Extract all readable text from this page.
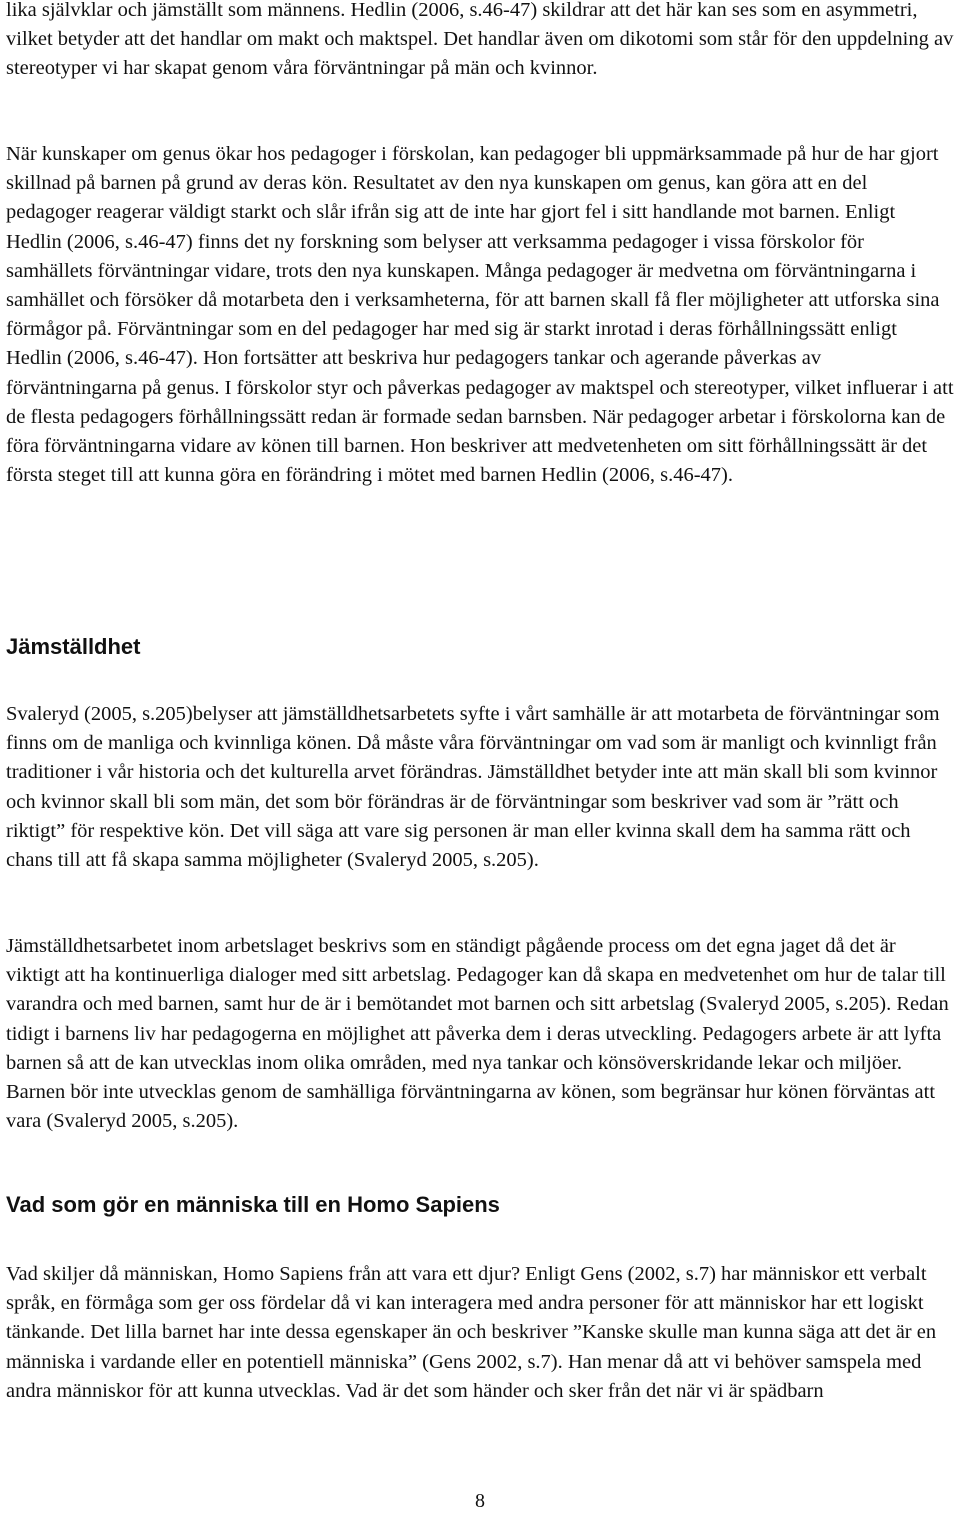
lika självklar och jämställt som männens. Hedlin (2006, s.46-47) skildrar att det här kan ses som en asymmetri, vilket betyder att det handlar om makt och maktspel. Det handlar även om dikotomi som står för den uppdelning av stereotyper vi har skapat genom våra förväntningar på män och kvinnor.

När kunskaper om genus ökar hos pedagoger i förskolan, kan pedagoger bli uppmärksammade på hur de har gjort skillnad på barnen på grund av deras kön. Resultatet av den nya kunskapen om genus, kan göra att en del pedagoger reagerar väldigt starkt och slår ifrån sig att de inte har gjort fel i sitt handlande mot barnen. Enligt Hedlin (2006, s.46-47) finns det ny forskning som belyser att verksamma pedagoger i vissa förskolor för samhällets förväntningar vidare, trots den nya kunskapen. Många pedagoger är medvetna om förväntningarna i samhället och försöker då motarbeta den i verksamheterna, för att barnen skall få fler möjligheter att utforska sina förmågor på. Förväntningar som en del pedagoger har med sig är starkt inrotad i deras förhållningssätt enligt Hedlin (2006, s.46-47). Hon fortsätter att beskriva hur pedagogers tankar och agerande påverkas av förväntningarna på genus. I förskolor styr och påverkas pedagoger av maktspel och stereotyper, vilket influerar i att de flesta pedagogers förhållningssätt redan är formade sedan barnsben. När pedagoger arbetar i förskolorna kan de föra förväntningarna vidare av könen till barnen. Hon beskriver att medvetenheten om sitt förhållningssätt är det första steget till att kunna göra en förändring i mötet med barnen Hedlin (2006, s.46-47).

Jämställdhet

Svaleryd (2005, s.205)belyser att jämställdhetsarbetets syfte i vårt samhälle är att motarbeta de förväntningar som finns om de manliga och kvinnliga könen. Då måste våra förväntningar om vad som är manligt och kvinnligt från traditioner i vår historia och det kulturella arvet förändras. Jämställdhet betyder inte att män skall bli som kvinnor och kvinnor skall bli som män, det som bör förändras är de förväntningar som beskriver vad som är ”rätt och riktigt” för respektive kön. Det vill säga att vare sig personen är man eller kvinna skall dem ha samma rätt och chans till att få skapa samma möjligheter (Svaleryd 2005, s.205).

Jämställdhetsarbetet inom arbetslaget beskrivs som en ständigt pågående process om det egna jaget då det är viktigt att ha kontinuerliga dialoger med sitt arbetslag. Pedagoger kan då skapa en medvetenhet om hur de talar till varandra och med barnen, samt hur de är i bemötandet mot barnen och sitt arbetslag (Svaleryd 2005, s.205). Redan tidigt i barnens liv har pedagogerna en möjlighet att påverka dem i deras utveckling. Pedagogers arbete är att lyfta barnen så att de kan utvecklas inom olika områden, med nya tankar och könsöverskridande lekar och miljöer. Barnen bör inte utvecklas genom de samhälliga förväntningarna av könen, som begränsar hur könen förväntas att vara (Svaleryd 2005, s.205).

Vad som gör en människa till en Homo Sapiens

Vad skiljer då människan, Homo Sapiens från att vara ett djur? Enligt Gens (2002, s.7) har människor ett verbalt språk, en förmåga som ger oss fördelar då vi kan interagera med andra personer för att människor har ett logiskt tänkande. Det lilla barnet har inte dessa egenskaper än och beskriver ”Kanske skulle man kunna säga att det är en människa i vardande eller en potentiell människa” (Gens 2002, s.7). Han menar då att vi behöver samspela med andra människor för att kunna utvecklas. Vad är det som händer och sker från det när vi är spädbarn

8
